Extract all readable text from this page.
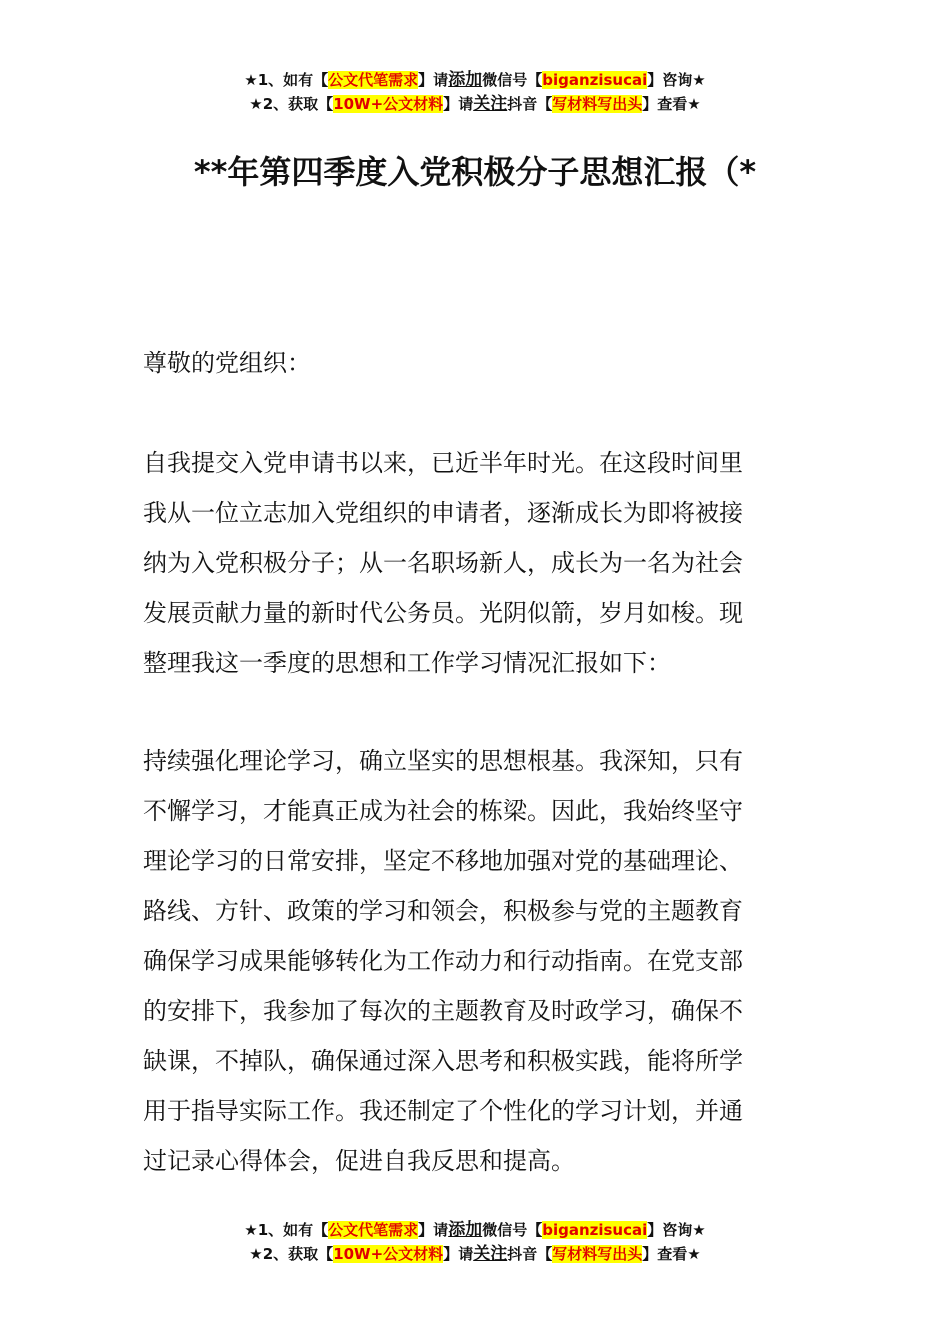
★1、如有【公文代笔需求】请添加微信号【biganzisucai】咨询★
★2、获取【10W+公文材料】请关注抖音【写材料写出头】查看★
**年第四季度入党积极分子思想汇报（*
尊敬的党组织：
自我提交入党申请书以来，已近半年时光。在这段时间里
我从一位立志加入党组织的申请者，逐渐成长为即将被接
纳为入党积极分子；从一名职场新人，成长为一名为社会
发展贡献力量的新时代公务员。光阴似箭，岁月如梭。现
整理我这一季度的思想和工作学习情况汇报如下：
持续强化理论学习，确立坚实的思想根基。我深知，只有
不懈学习，才能真正成为社会的栋梁。因此，我始终坚守
理论学习的日常安排，坚定不移地加强对党的基础理论、
路线、方针、政策的学习和领会，积极参与党的主题教育
确保学习成果能够转化为工作动力和行动指南。在党支部
的安排下，我参加了每次的主题教育及时政学习，确保不
缺课，不掉队，确保通过深入思考和积极实践，能将所学
用于指导实际工作。我还制定了个性化的学习计划，并通
过记录心得体会，促进自我反思和提高。
★1、如有【公文代笔需求】请添加微信号【biganzisucai】咨询★
★2、获取【10W+公文材料】请关注抖音【写材料写出头】查看★
